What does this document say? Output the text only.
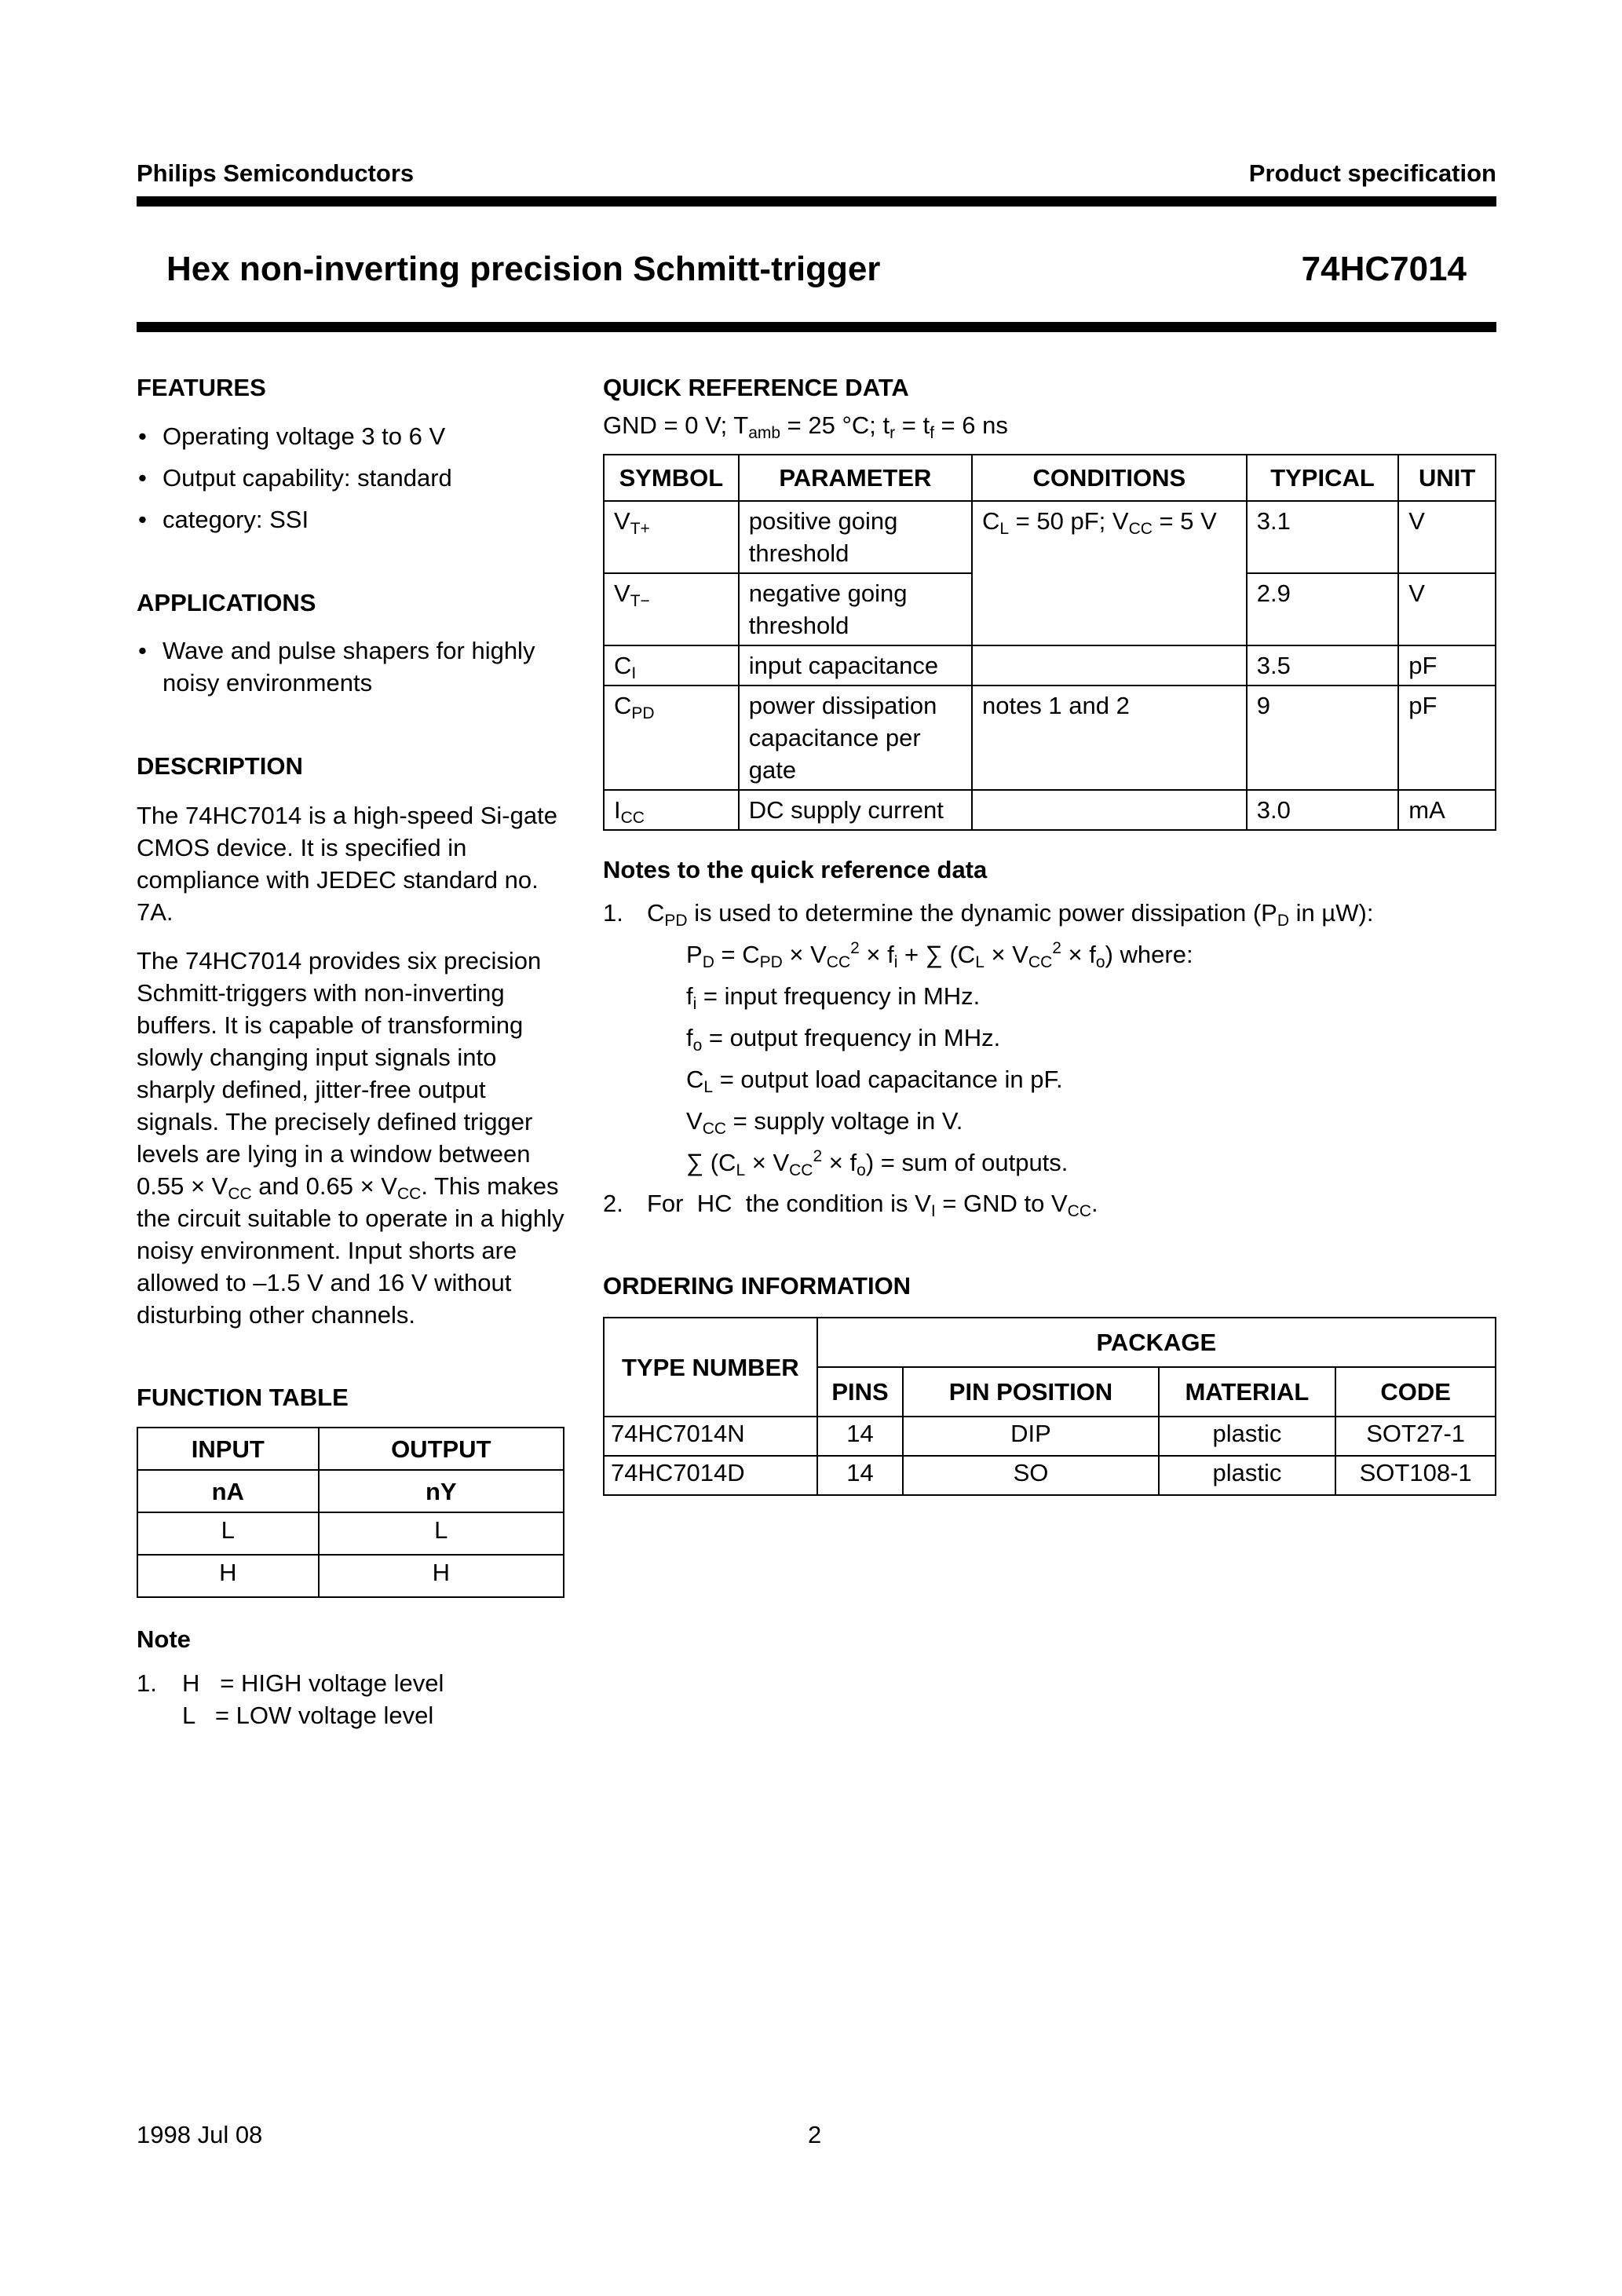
Philips Semiconductors	Product specification
Hex non-inverting precision Schmitt-trigger	74HC7014
FEATURES
• Operating voltage 3 to 6 V
• Output capability: standard
• category: SSI
APPLICATIONS
• Wave and pulse shapers for highly noisy environments
DESCRIPTION
The 74HC7014 is a high-speed Si-gate CMOS device. It is specified in compliance with JEDEC standard no. 7A.
The 74HC7014 provides six precision Schmitt-triggers with non-inverting buffers. It is capable of transforming slowly changing input signals into sharply defined, jitter-free output signals. The precisely defined trigger levels are lying in a window between $0.55 \times V_{CC}$ and $0.65 \times V_{CC}$. This makes the circuit suitable to operate in a highly noisy environment. Input shorts are allowed to –1.5 V and 16 V without disturbing other channels.
FUNCTION TABLE
INPUT	OUTPUT
nA	nY
L	L
H	H
Note
1. H   = HIGH voltage level
L   = LOW voltage level
QUICK REFERENCE DATA
GND = 0 V; $T_{amb} = 25$ °C; $t_r = t_f = 6$ ns
SYMBOL	PARAMETER	CONDITIONS	TYPICAL	UNIT
$V_{T+}$	positive going threshold	$C_L = 50$ pF; $V_{CC} = 5$ V	3.1	V
$V_{T-}$	negative going threshold		2.9	V
$C_I$	input capacitance		3.5	pF
$C_{PD}$	power dissipation capacitance per gate	notes 1 and 2	9	pF
$I_{CC}$	DC supply current		3.0	mA
Notes to the quick reference data
1. $C_{PD}$ is used to determine the dynamic power dissipation ($P_D$ in µW):
$P_D = C_{PD} \times V_{CC}^2 \times f_i$ + ∑ $(C_L \times V_{CC}^2 \times f_o)$ where:
$f_i$ = input frequency in MHz.
$f_o$ = output frequency in MHz.
$C_L$ = output load capacitance in pF.
$V_{CC}$ = supply voltage in V.
∑ $(C_L \times V_{CC}^2 \times f_o)$ = sum of outputs.
2. For  HC  the condition is $V_I$ = GND to $V_{CC}$.
ORDERING INFORMATION
TYPE NUMBER	PACKAGE			
	PINS	PIN POSITION	MATERIAL	CODE
74HC7014N	14	DIP	plastic	SOT27-1
74HC7014D	14	SO	plastic	SOT108-1
1998 Jul 08	2
